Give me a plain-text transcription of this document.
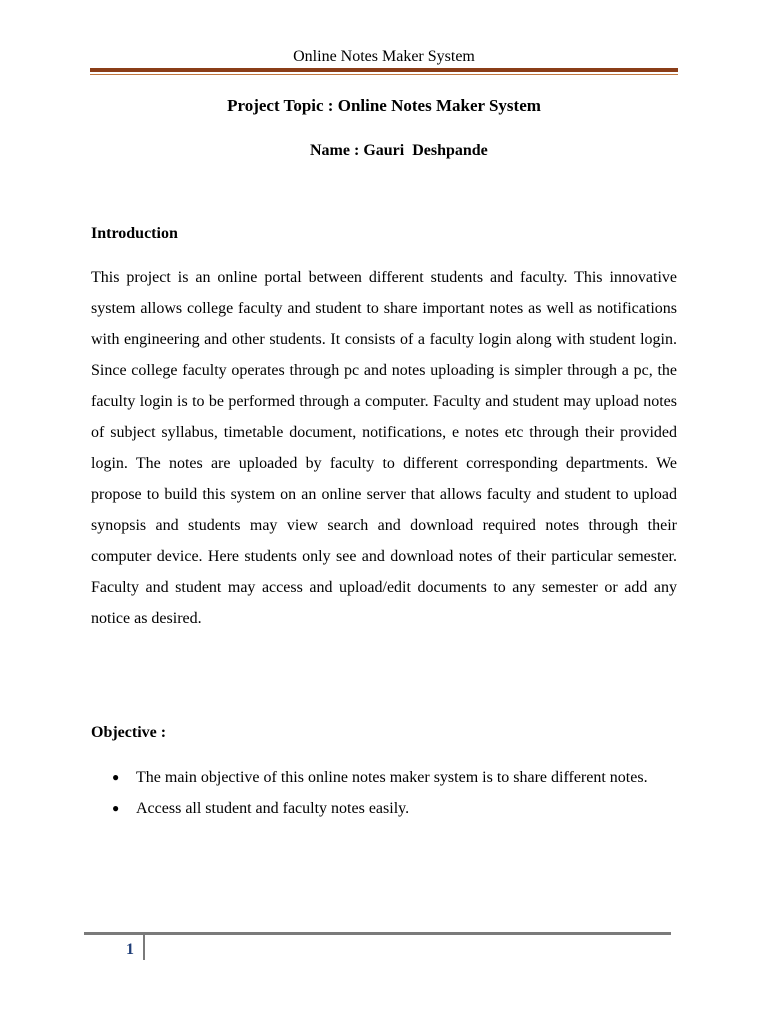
Online Notes Maker System
Project Topic : Online Notes Maker System
Name : Gauri  Deshpande
Introduction

This project is an online portal between different students and faculty. This innovative system allows college faculty and student to share important notes as well as notifications with engineering and other students. It consists of a faculty login along with student login. Since college faculty operates through pc and notes uploading is simpler through a pc, the faculty login is to be performed through a computer. Faculty and student may upload notes of subject syllabus, timetable document, notifications, e notes etc through their provided login. The notes are uploaded by faculty to different corresponding departments. We propose to build this system on an online server that allows faculty and student to upload synopsis and students may view search and download required notes through their computer device. Here students only see and download notes of their particular semester. Faculty and student may access and upload/edit documents to any semester or add any notice as desired.

Objective :
● The main objective of this online notes maker system is to share different notes.
● Access all student and faculty notes easily.
1
